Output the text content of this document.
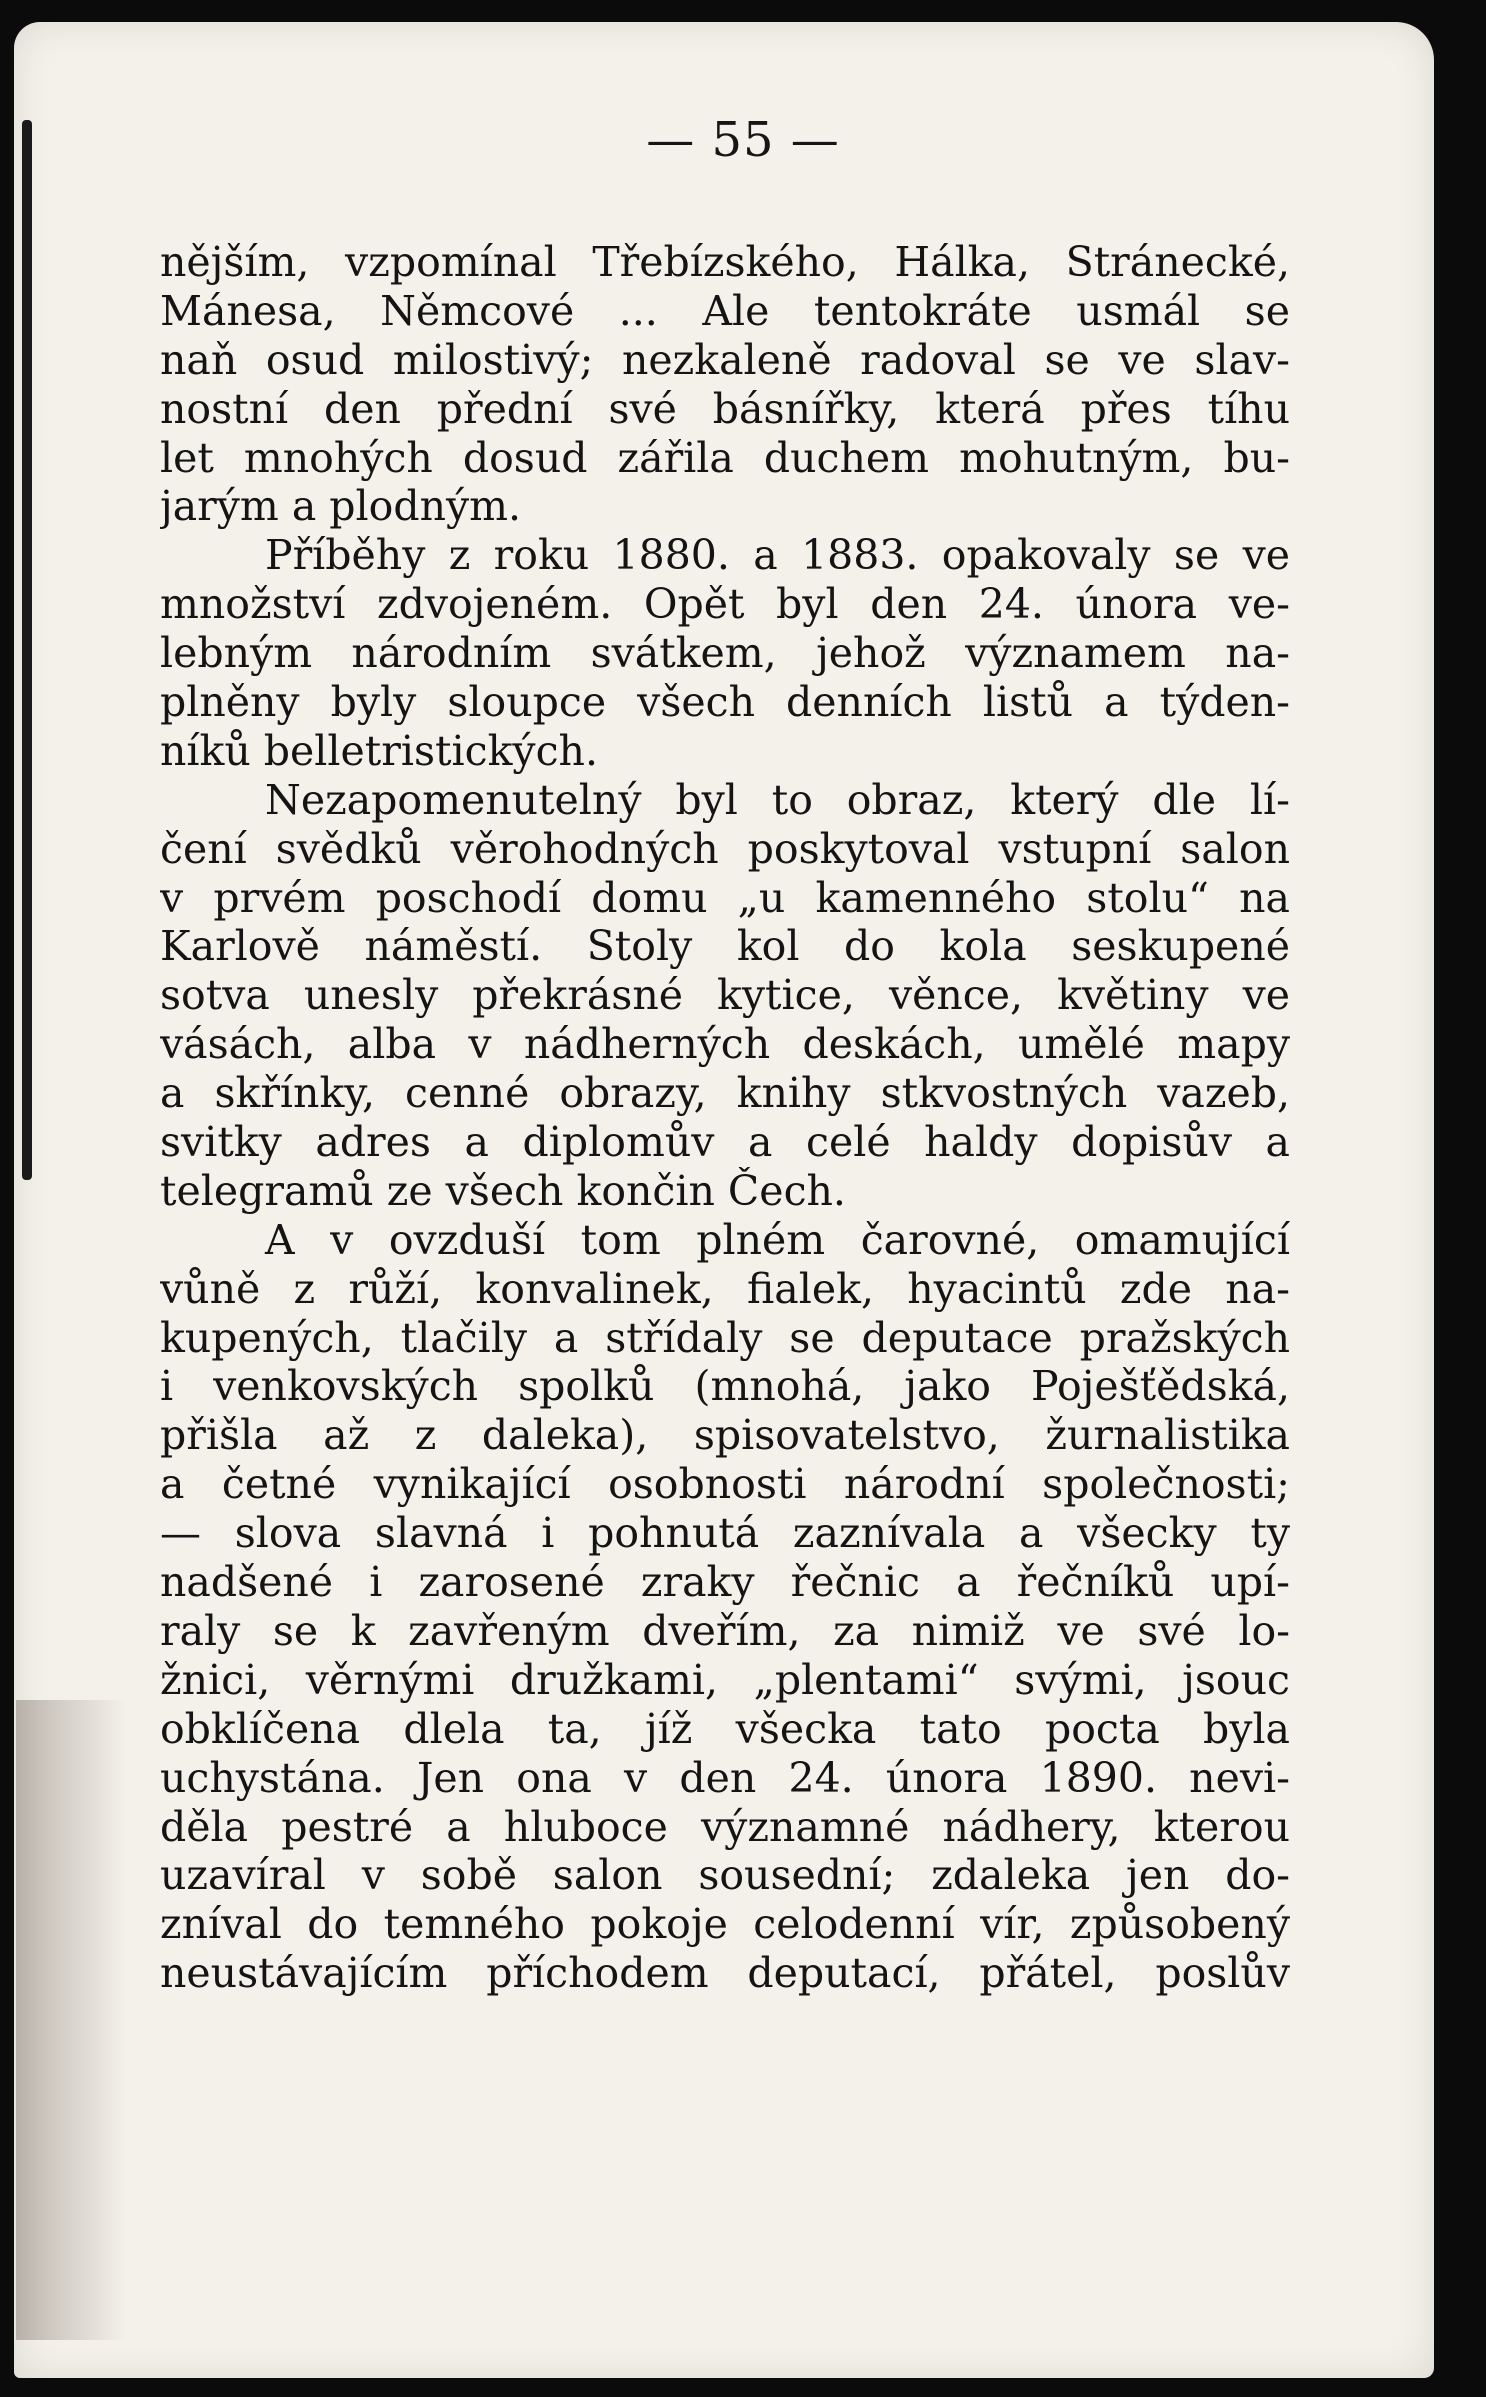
— 55 —
nějším, vzpomínal Třebízského, Hálka, Stránecké,
Mánesa, Němcové ... Ale tentokráte usmál se
naň osud milostivý; nezkaleně radoval se ve slav-
nostní den přední své básnířky, která přes tíhu
let mnohých dosud zářila duchem mohutným, bu-
jarým a plodným.
Příběhy z roku 1880. a 1883. opakovaly se ve
množství zdvojeném. Opět byl den 24. února ve-
lebným národním svátkem, jehož významem na-
plněny byly sloupce všech denních listů a týden-
níků belletristických.
Nezapomenutelný byl to obraz, který dle lí-
čení svědků věrohodných poskytoval vstupní salon
v prvém poschodí domu „u kamenného stolu“ na
Karlově náměstí. Stoly kol do kola seskupené
sotva unesly překrásné kytice, věnce, květiny ve
vásách, alba v nádherných deskách, umělé mapy
a skřínky, cenné obrazy, knihy stkvostných vazeb,
svitky adres a diplomův a celé haldy dopisův a
telegramů ze všech končin Čech.
A v ovzduší tom plném čarovné, omamující
vůně z růží, konvalinek, fialek, hyacintů zde na-
kupených, tlačily a střídaly se deputace pražských
i venkovských spolků (mnohá, jako Poješťědská,
přišla až z daleka), spisovatelstvo, žurnalistika
a četné vynikající osobnosti národní společnosti;
— slova slavná i pohnutá zaznívala a všecky ty
nadšené i zarosené zraky řečnic a řečníků upí-
raly se k zavřeným dveřím, za nimiž ve své lo-
žnici, věrnými družkami, „plentami“ svými, jsouc
obklíčena dlela ta, jíž všecka tato pocta byla
uchystána. Jen ona v den 24. února 1890. nevi-
děla pestré a hluboce významné nádhery, kterou
uzavíral v sobě salon sousední; zdaleka jen do-
zníval do temného pokoje celodenní vír, způsobený
neustávajícím příchodem deputací, přátel, poslův
